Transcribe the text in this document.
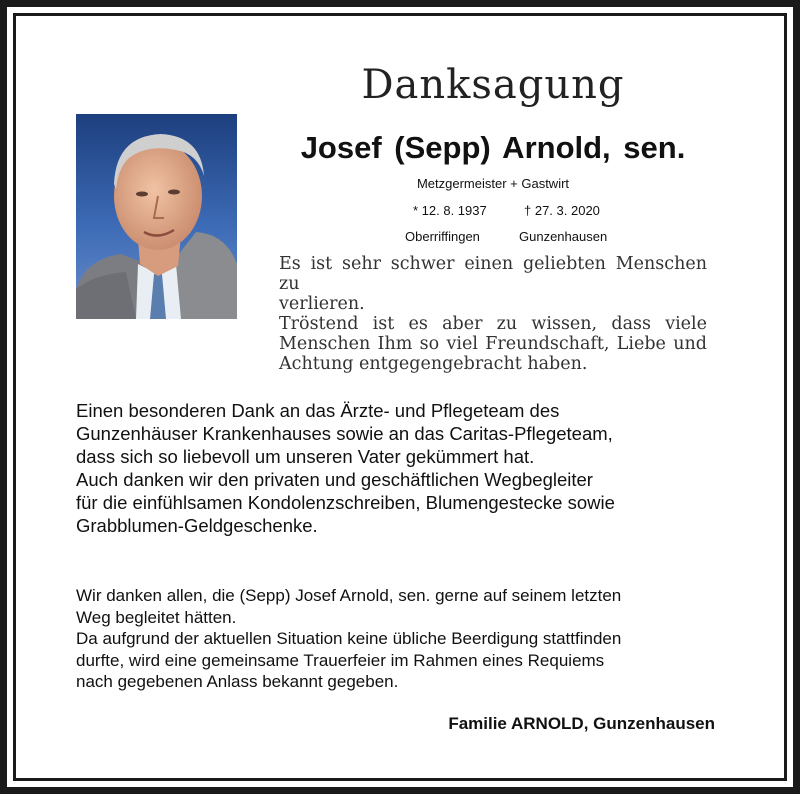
Danksagung
Josef (Sepp) Arnold, sen.
Metzgermeister + Gastwirt
* 12. 8. 1937	† 27. 3. 2020
Oberriffingen	Gunzenhausen
Es ist sehr schwer einen geliebten Menschen zu
verlieren.
Tröstend ist es aber zu wissen, dass viele
Menschen Ihm so viel Freundschaft, Liebe und
Achtung entgegengebracht haben.
Einen besonderen Dank an das Ärzte- und Pflegeteam des
Gunzenhäuser Krankenhauses sowie an das Caritas-Pflegeteam,
dass sich so liebevoll um unseren Vater gekümmert hat.
Auch danken wir den privaten und geschäftlichen Wegbegleiter
für die einfühlsamen Kondolenzschreiben, Blumengestecke sowie
Grabblumen-Geldgeschenke.
Wir danken allen, die (Sepp) Josef Arnold, sen. gerne auf seinem letzten
Weg begleitet hätten.
Da aufgrund der aktuellen Situation keine übliche Beerdigung stattfinden
durfte, wird eine gemeinsame Trauerfeier im Rahmen eines Requiems
nach gegebenen Anlass bekannt gegeben.
Familie ARNOLD, Gunzenhausen
